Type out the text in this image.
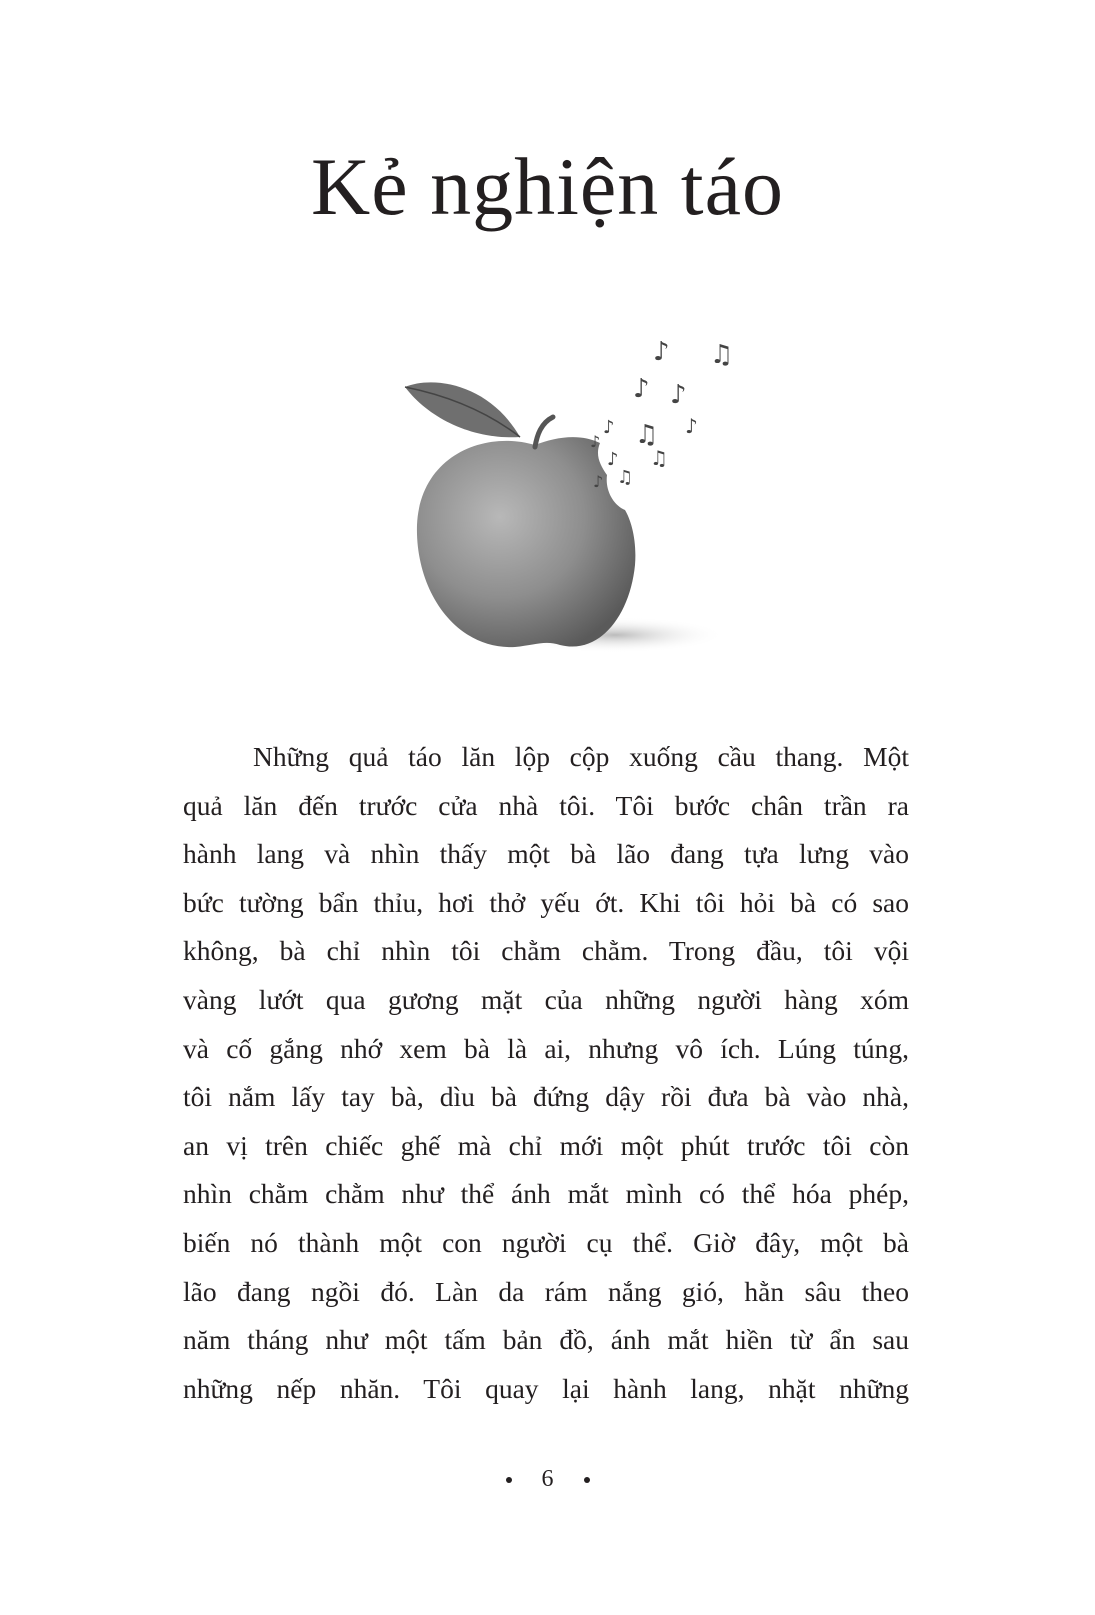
Kẻ nghiện táo
♪ ♫
♪ ♪
♫ ♪
♪
♪
♫
♪
♫
♪
Những quả táo lăn lộp cộp xuống cầu thang. Một
quả lăn đến trước cửa nhà tôi. Tôi bước chân trần ra
hành lang và nhìn thấy một bà lão đang tựa lưng vào
bức tường bẩn thỉu, hơi thở yếu ớt. Khi tôi hỏi bà có sao
không, bà chỉ nhìn tôi chằm chằm. Trong đầu, tôi vội
vàng lướt qua gương mặt của những người hàng xóm
và cố gắng nhớ xem bà là ai, nhưng vô ích. Lúng túng,
tôi nắm lấy tay bà, dìu bà đứng dậy rồi đưa bà vào nhà,
an vị trên chiếc ghế mà chỉ mới một phút trước tôi còn
nhìn chằm chằm như thể ánh mắt mình có thể hóa phép,
biến nó thành một con người cụ thể. Giờ đây, một bà
lão đang ngồi đó. Làn da rám nắng gió, hằn sâu theo
năm tháng như một tấm bản đồ, ánh mắt hiền từ ẩn sau
những nếp nhăn. Tôi quay lại hành lang, nhặt những
6
